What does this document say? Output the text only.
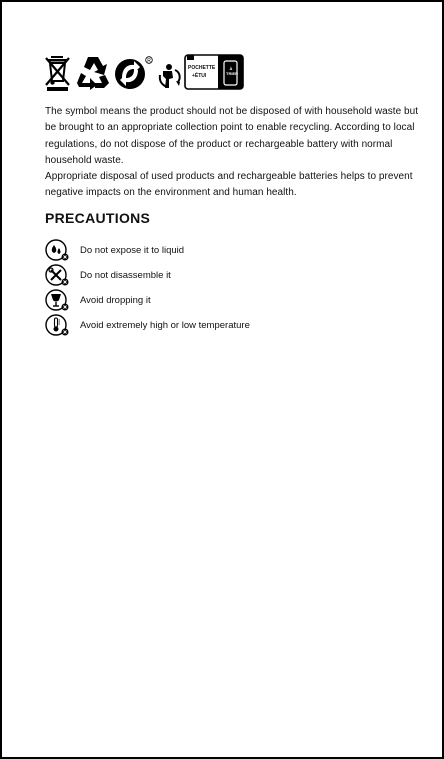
R
POCHETTE
+ÉTUI
À TRIER

The symbol means the product should not be disposed of with household waste but be brought to an appropriate collection point to enable recycling. According to local regulations, do not dispose of the product or rechargeable battery with normal household waste.

Appropriate disposal of used products and rechargeable batteries helps to prevent negative impacts on the environment and human health.

PRECAUTIONS
Do not expose it to liquid
Do not disassemble it
Avoid dropping it
Avoid extremely high or low temperature
